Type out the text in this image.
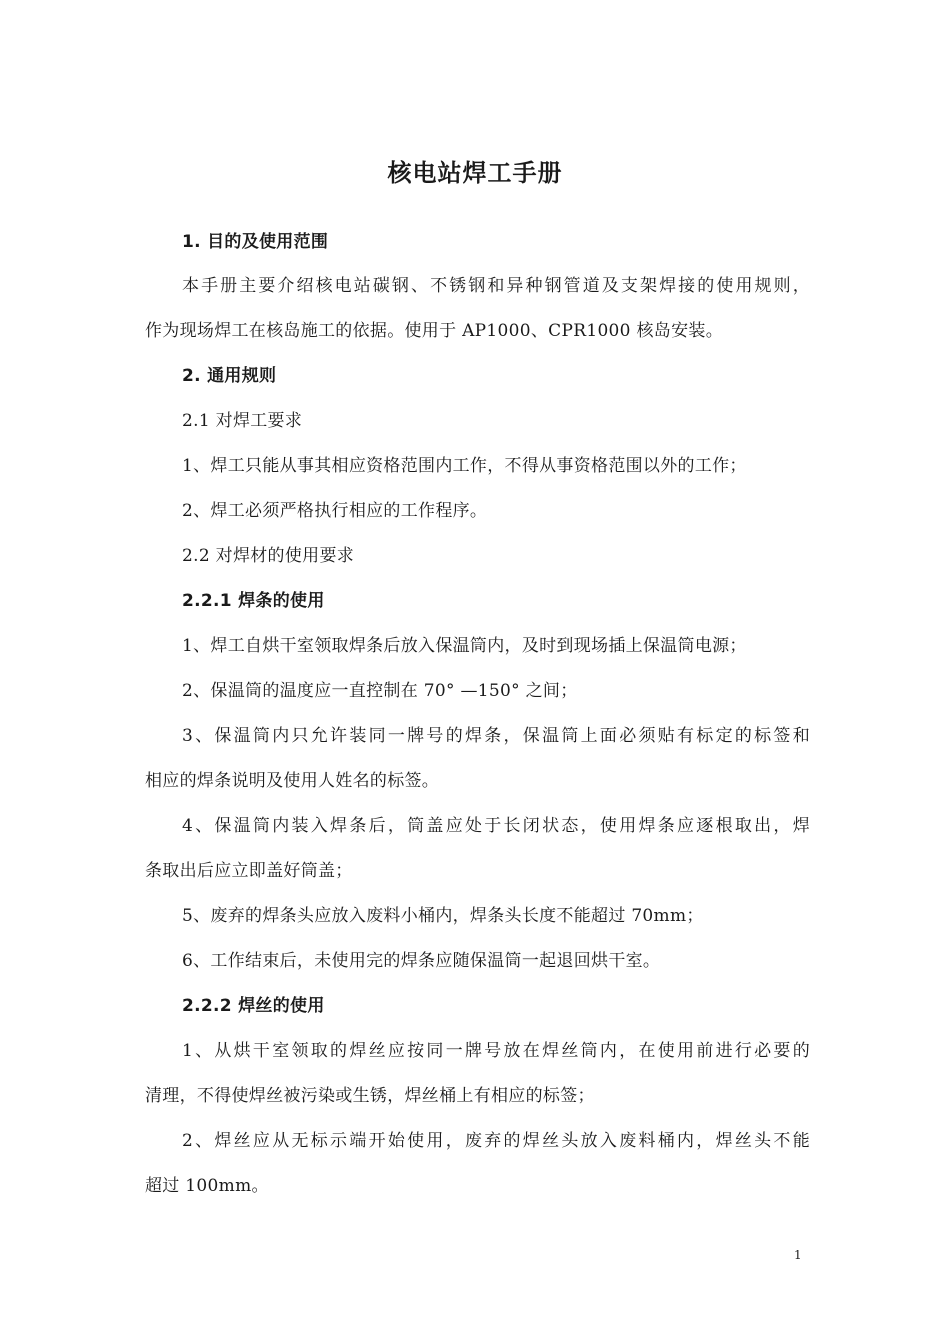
核电站焊工手册
1. 目的及使用范围
本手册主要介绍核电站碳钢、不锈钢和异种钢管道及支架焊接的使用规则，
作为现场焊工在核岛施工的依据。使用于 AP1000、CPR1000 核岛安装。
2. 通用规则
2.1 对焊工要求
1、焊工只能从事其相应资格范围内工作，不得从事资格范围以外的工作；
2、焊工必须严格执行相应的工作程序。
2.2 对焊材的使用要求
2.2.1 焊条的使用
1、焊工自烘干室领取焊条后放入保温筒内，及时到现场插上保温筒电源；
2、保温筒的温度应一直控制在 70° —150° 之间；
3、保温筒内只允许装同一牌号的焊条，保温筒上面必须贴有标定的标签和
相应的焊条说明及使用人姓名的标签。
4、保温筒内装入焊条后，筒盖应处于长闭状态，使用焊条应逐根取出，焊
条取出后应立即盖好筒盖；
5、废弃的焊条头应放入废料小桶内，焊条头长度不能超过 70mm；
6、工作结束后，未使用完的焊条应随保温筒一起退回烘干室。
2.2.2 焊丝的使用
1、从烘干室领取的焊丝应按同一牌号放在焊丝筒内，在使用前进行必要的
清理，不得使焊丝被污染或生锈，焊丝桶上有相应的标签；
2、焊丝应从无标示端开始使用，废弃的焊丝头放入废料桶内，焊丝头不能
超过 100mm。
1
